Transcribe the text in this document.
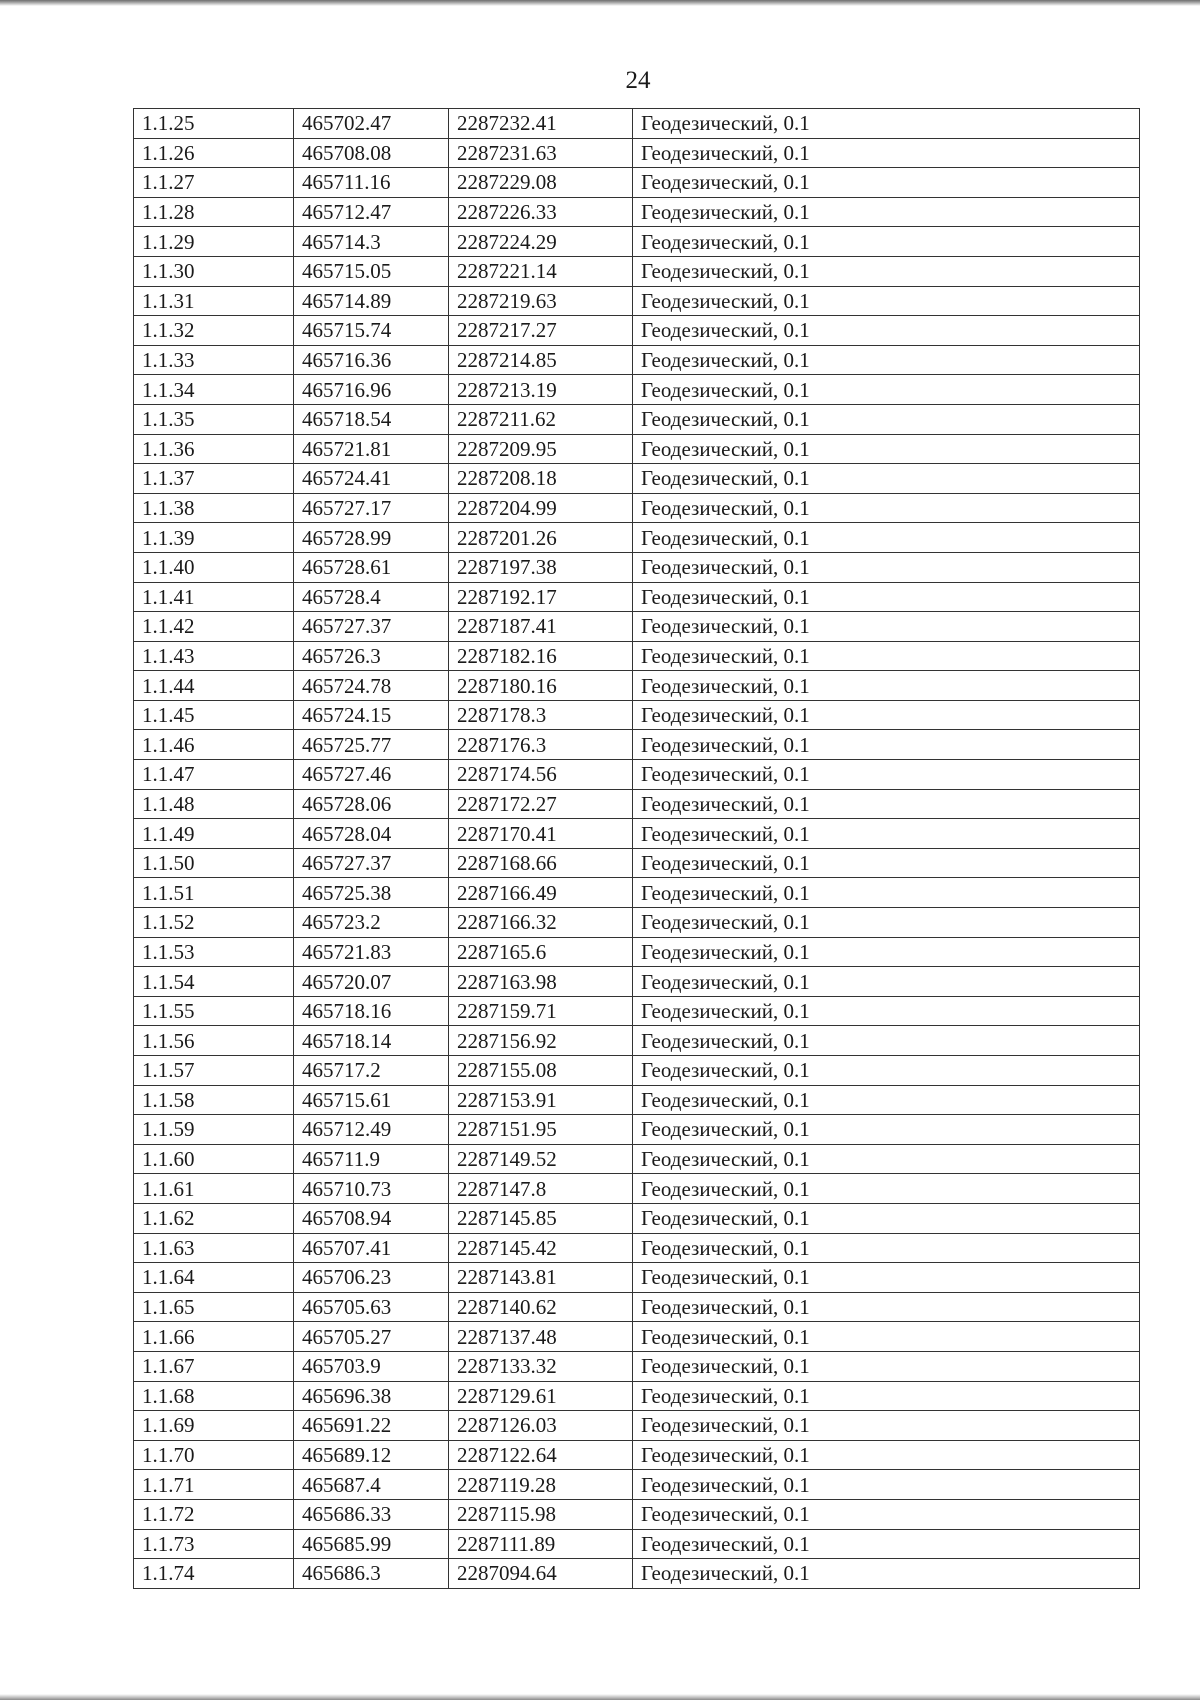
24
1.1.25	465702.47	2287232.41	Геодезический, 0.1
1.1.26	465708.08	2287231.63	Геодезический, 0.1
1.1.27	465711.16	2287229.08	Геодезический, 0.1
1.1.28	465712.47	2287226.33	Геодезический, 0.1
1.1.29	465714.3	2287224.29	Геодезический, 0.1
1.1.30	465715.05	2287221.14	Геодезический, 0.1
1.1.31	465714.89	2287219.63	Геодезический, 0.1
1.1.32	465715.74	2287217.27	Геодезический, 0.1
1.1.33	465716.36	2287214.85	Геодезический, 0.1
1.1.34	465716.96	2287213.19	Геодезический, 0.1
1.1.35	465718.54	2287211.62	Геодезический, 0.1
1.1.36	465721.81	2287209.95	Геодезический, 0.1
1.1.37	465724.41	2287208.18	Геодезический, 0.1
1.1.38	465727.17	2287204.99	Геодезический, 0.1
1.1.39	465728.99	2287201.26	Геодезический, 0.1
1.1.40	465728.61	2287197.38	Геодезический, 0.1
1.1.41	465728.4	2287192.17	Геодезический, 0.1
1.1.42	465727.37	2287187.41	Геодезический, 0.1
1.1.43	465726.3	2287182.16	Геодезический, 0.1
1.1.44	465724.78	2287180.16	Геодезический, 0.1
1.1.45	465724.15	2287178.3	Геодезический, 0.1
1.1.46	465725.77	2287176.3	Геодезический, 0.1
1.1.47	465727.46	2287174.56	Геодезический, 0.1
1.1.48	465728.06	2287172.27	Геодезический, 0.1
1.1.49	465728.04	2287170.41	Геодезический, 0.1
1.1.50	465727.37	2287168.66	Геодезический, 0.1
1.1.51	465725.38	2287166.49	Геодезический, 0.1
1.1.52	465723.2	2287166.32	Геодезический, 0.1
1.1.53	465721.83	2287165.6	Геодезический, 0.1
1.1.54	465720.07	2287163.98	Геодезический, 0.1
1.1.55	465718.16	2287159.71	Геодезический, 0.1
1.1.56	465718.14	2287156.92	Геодезический, 0.1
1.1.57	465717.2	2287155.08	Геодезический, 0.1
1.1.58	465715.61	2287153.91	Геодезический, 0.1
1.1.59	465712.49	2287151.95	Геодезический, 0.1
1.1.60	465711.9	2287149.52	Геодезический, 0.1
1.1.61	465710.73	2287147.8	Геодезический, 0.1
1.1.62	465708.94	2287145.85	Геодезический, 0.1
1.1.63	465707.41	2287145.42	Геодезический, 0.1
1.1.64	465706.23	2287143.81	Геодезический, 0.1
1.1.65	465705.63	2287140.62	Геодезический, 0.1
1.1.66	465705.27	2287137.48	Геодезический, 0.1
1.1.67	465703.9	2287133.32	Геодезический, 0.1
1.1.68	465696.38	2287129.61	Геодезический, 0.1
1.1.69	465691.22	2287126.03	Геодезический, 0.1
1.1.70	465689.12	2287122.64	Геодезический, 0.1
1.1.71	465687.4	2287119.28	Геодезический, 0.1
1.1.72	465686.33	2287115.98	Геодезический, 0.1
1.1.73	465685.99	2287111.89	Геодезический, 0.1
1.1.74	465686.3	2287094.64	Геодезический, 0.1
